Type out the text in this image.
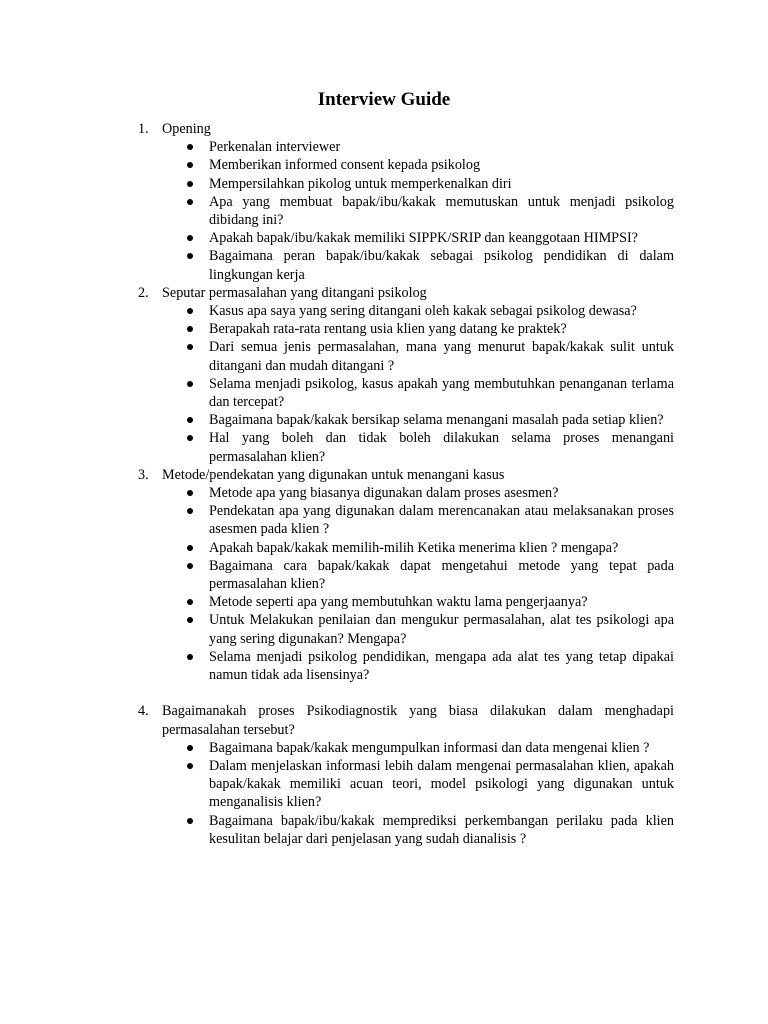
Interview Guide
1. Opening
Perkenalan interviewer
Memberikan informed consent kepada psikolog
Mempersilahkan pikolog untuk memperkenalkan diri
Apa yang membuat bapak/ibu/kakak memutuskan untuk menjadi psikolog dibidang ini?
Apakah bapak/ibu/kakak memiliki SIPPK/SRIP dan keanggotaan HIMPSI?
Bagaimana peran bapak/ibu/kakak sebagai psikolog pendidikan di dalam lingkungan kerja
2. Seputar permasalahan yang ditangani psikolog
Kasus apa saya yang sering ditangani oleh kakak sebagai psikolog dewasa?
Berapakah rata-rata rentang usia klien yang datang ke praktek?
Dari semua jenis permasalahan, mana yang menurut bapak/kakak sulit untuk ditangani dan mudah ditangani ?
Selama menjadi psikolog, kasus apakah yang membutuhkan penanganan terlama dan tercepat?
Bagaimana bapak/kakak bersikap selama menangani masalah pada setiap klien?
Hal yang boleh dan tidak boleh dilakukan selama proses menangani permasalahan klien?
3. Metode/pendekatan yang digunakan untuk menangani kasus
Metode apa yang biasanya digunakan dalam proses asesmen?
Pendekatan apa yang digunakan dalam merencanakan atau melaksanakan proses asesmen pada klien ?
Apakah bapak/kakak memilih-milih Ketika menerima klien ? mengapa?
Bagaimana cara bapak/kakak dapat mengetahui metode yang tepat pada permasalahan klien?
Metode seperti apa yang membutuhkan waktu lama pengerjaanya?
Untuk Melakukan penilaian dan mengukur permasalahan, alat tes psikologi apa yang sering digunakan? Mengapa?
Selama menjadi psikolog pendidikan, mengapa ada alat tes yang tetap dipakai namun tidak ada lisensinya?
4. Bagaimanakah proses Psikodiagnostik yang biasa dilakukan dalam menghadapi permasalahan tersebut?
Bagaimana bapak/kakak mengumpulkan informasi dan data mengenai klien ?
Dalam menjelaskan informasi lebih dalam mengenai permasalahan klien, apakah bapak/kakak memiliki acuan teori, model psikologi yang digunakan untuk menganalisis klien?
Bagaimana bapak/ibu/kakak memprediksi perkembangan perilaku pada klien kesulitan belajar dari penjelasan yang sudah dianalisis ?
